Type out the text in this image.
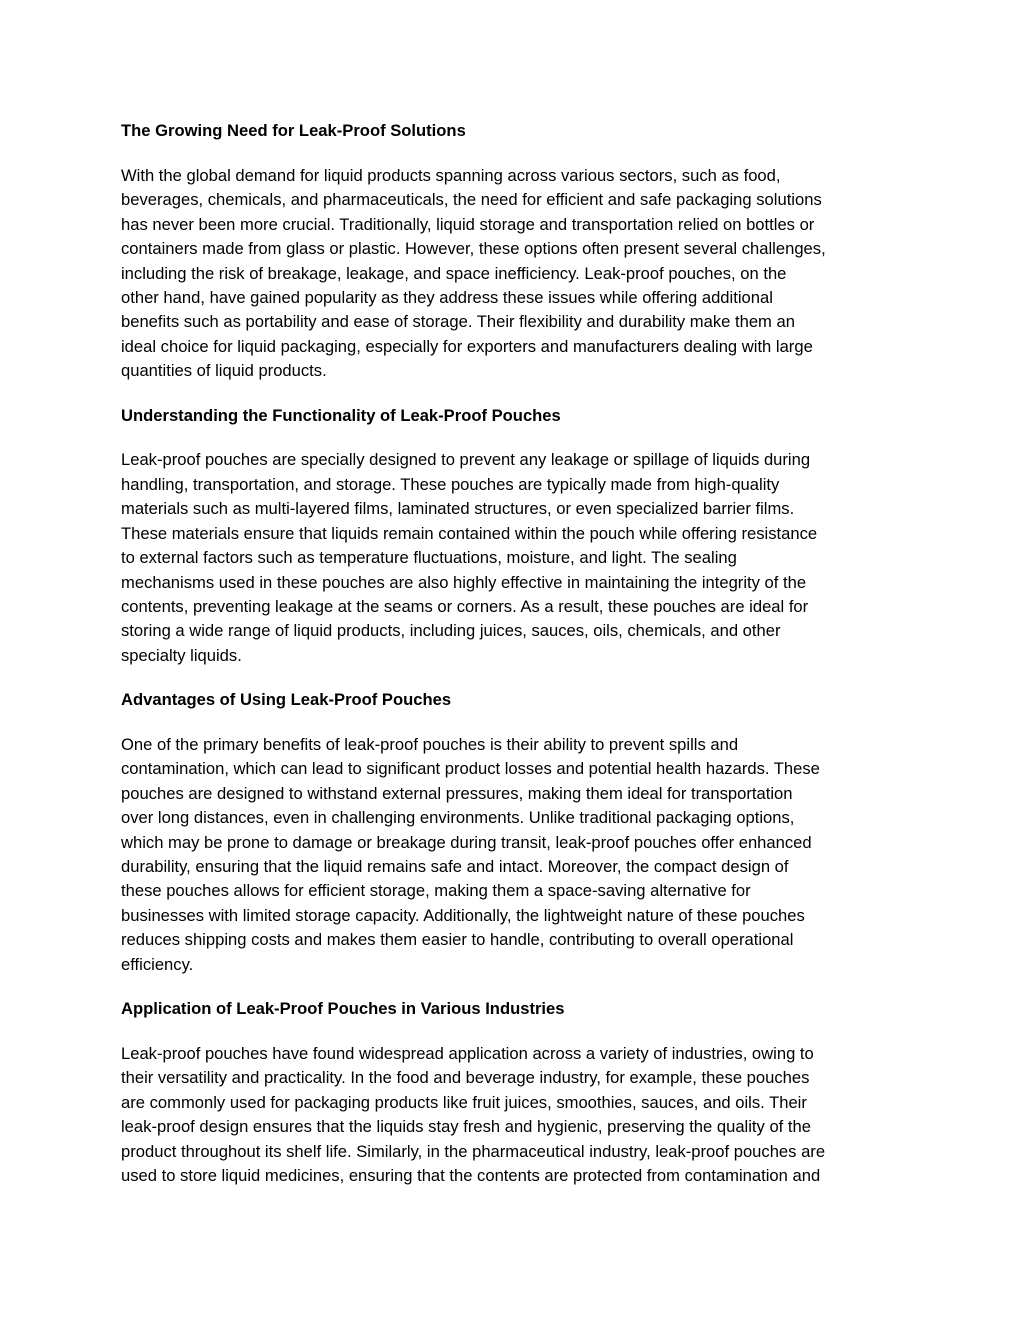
The Growing Need for Leak-Proof Solutions

With the global demand for liquid products spanning across various sectors, such as food,
beverages, chemicals, and pharmaceuticals, the need for efficient and safe packaging solutions
has never been more crucial. Traditionally, liquid storage and transportation relied on bottles or
containers made from glass or plastic. However, these options often present several challenges,
including the risk of breakage, leakage, and space inefficiency. Leak-proof pouches, on the
other hand, have gained popularity as they address these issues while offering additional
benefits such as portability and ease of storage. Their flexibility and durability make them an
ideal choice for liquid packaging, especially for exporters and manufacturers dealing with large
quantities of liquid products.

Understanding the Functionality of Leak-Proof Pouches

Leak-proof pouches are specially designed to prevent any leakage or spillage of liquids during
handling, transportation, and storage. These pouches are typically made from high-quality
materials such as multi-layered films, laminated structures, or even specialized barrier films.
These materials ensure that liquids remain contained within the pouch while offering resistance
to external factors such as temperature fluctuations, moisture, and light. The sealing
mechanisms used in these pouches are also highly effective in maintaining the integrity of the
contents, preventing leakage at the seams or corners. As a result, these pouches are ideal for
storing a wide range of liquid products, including juices, sauces, oils, chemicals, and other
specialty liquids.

Advantages of Using Leak-Proof Pouches

One of the primary benefits of leak-proof pouches is their ability to prevent spills and
contamination, which can lead to significant product losses and potential health hazards. These
pouches are designed to withstand external pressures, making them ideal for transportation
over long distances, even in challenging environments. Unlike traditional packaging options,
which may be prone to damage or breakage during transit, leak-proof pouches offer enhanced
durability, ensuring that the liquid remains safe and intact. Moreover, the compact design of
these pouches allows for efficient storage, making them a space-saving alternative for
businesses with limited storage capacity. Additionally, the lightweight nature of these pouches
reduces shipping costs and makes them easier to handle, contributing to overall operational
efficiency.

Application of Leak-Proof Pouches in Various Industries

Leak-proof pouches have found widespread application across a variety of industries, owing to
their versatility and practicality. In the food and beverage industry, for example, these pouches
are commonly used for packaging products like fruit juices, smoothies, sauces, and oils. Their
leak-proof design ensures that the liquids stay fresh and hygienic, preserving the quality of the
product throughout its shelf life. Similarly, in the pharmaceutical industry, leak-proof pouches are
used to store liquid medicines, ensuring that the contents are protected from contamination and
